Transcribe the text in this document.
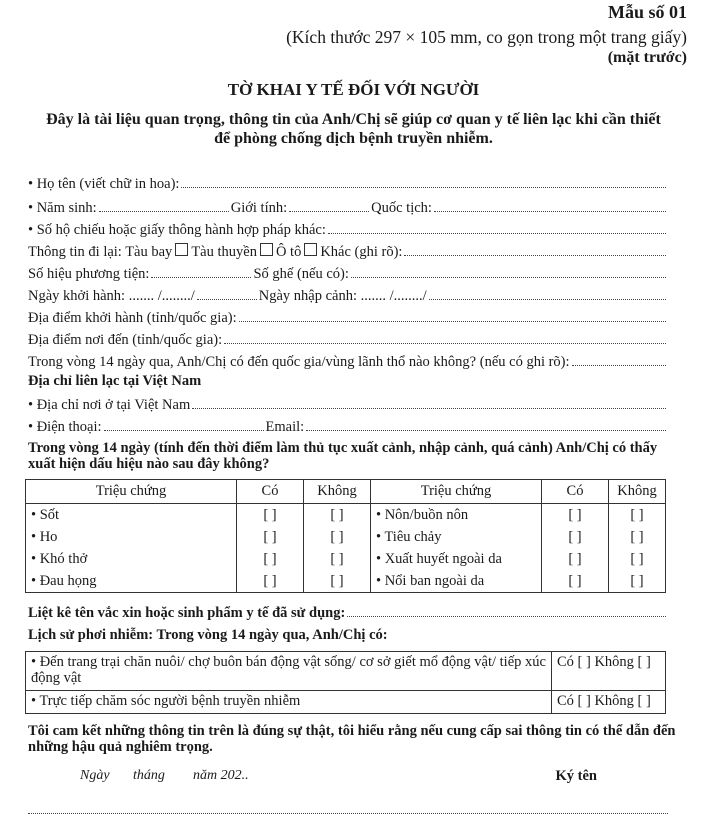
Mẫu số 01
(Kích thước 297 × 105 mm, co gọn trong một trang giấy)
(mặt trước)
TỜ KHAI Y TẾ ĐỐI VỚI NGƯỜI
Đây là tài liệu quan trọng, thông tin của Anh/Chị sẽ giúp cơ quan y tế liên lạc khi cần thiết để phòng chống dịch bệnh truyền nhiễm.
• Họ tên (viết chữ in hoa):
• Năm sinh:	Giới tính:	Quốc tịch:
• Số hộ chiếu hoặc giấy thông hành hợp pháp khác:
Thông tin đi lại: Tàu bay Tàu thuyền Ô tô Khác (ghi rõ):
Số hiệu phương tiện:	Số ghế (nếu có):
Ngày khởi hành: ....... /......../	Ngày nhập cảnh: ....... /......../
Địa điểm khởi hành (tỉnh/quốc gia):
Địa điểm nơi đến (tỉnh/quốc gia):
Trong vòng 14 ngày qua, Anh/Chị có đến quốc gia/vùng lãnh thổ nào không? (nếu có ghi rõ):
Địa chỉ liên lạc tại Việt Nam
• Địa chỉ nơi ở tại Việt Nam
• Điện thoại:	Email:
Trong vòng 14 ngày (tính đến thời điểm làm thủ tục xuất cảnh, nhập cảnh, quá cảnh) Anh/Chị có thấy xuất hiện dấu hiệu nào sau đây không?
Triệu chứng	Có	Không	Triệu chứng	Có	Không
• Sốt	[ ]	[ ]	• Nôn/buồn nôn	[ ]	[ ]
• Ho	[ ]	[ ]	• Tiêu chảy	[ ]	[ ]
• Khó thở	[ ]	[ ]	• Xuất huyết ngoài da	[ ]	[ ]
• Đau họng	[ ]	[ ]	• Nổi ban ngoài da	[ ]	[ ]
Liệt kê tên vắc xin hoặc sinh phẩm y tế đã sử dụng:
Lịch sử phơi nhiễm: Trong vòng 14 ngày qua, Anh/Chị có:
• Đến trang trại chăn nuôi/ chợ buôn bán động vật sống/ cơ sở giết mổ động vật/ tiếp xúc động vật	Có [ ] Không [ ]
• Trực tiếp chăm sóc người bệnh truyền nhiễm	Có [ ] Không [ ]
Tôi cam kết những thông tin trên là đúng sự thật, tôi hiểu rằng nếu cung cấp sai thông tin có thể dẫn đến những hậu quả nghiêm trọng.
Ngày tháng năm 202..	Ký tên
